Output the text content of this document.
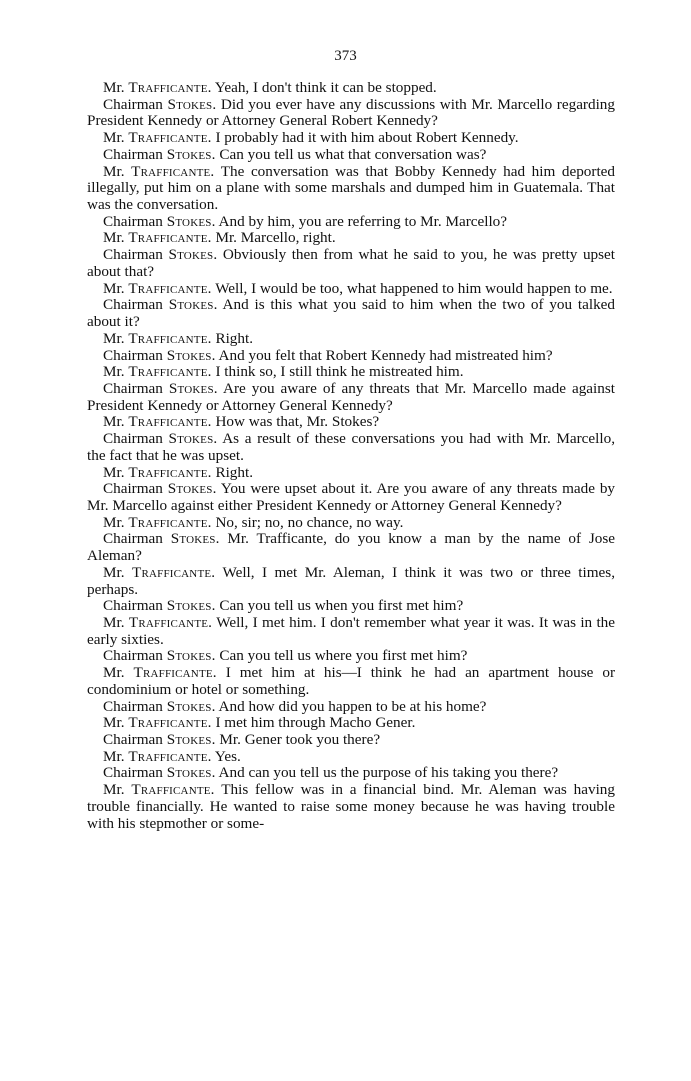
373

Mr. Trafficante. Yeah, I don't think it can be stopped.

Chairman Stokes. Did you ever have any discussions with Mr. Marcello regarding President Kennedy or Attorney General Robert Kennedy?

Mr. Trafficante. I probably had it with him about Robert Kennedy.

Chairman Stokes. Can you tell us what that conversation was?

Mr. Trafficante. The conversation was that Bobby Kennedy had him deported illegally, put him on a plane with some marshals and dumped him in Guatemala. That was the conversation.

Chairman Stokes. And by him, you are referring to Mr. Marcello?

Mr. Trafficante. Mr. Marcello, right.

Chairman Stokes. Obviously then from what he said to you, he was pretty upset about that?

Mr. Trafficante. Well, I would be too, what happened to him would happen to me.

Chairman Stokes. And is this what you said to him when the two of you talked about it?

Mr. Trafficante. Right.

Chairman Stokes. And you felt that Robert Kennedy had mistreated him?

Mr. Trafficante. I think so, I still think he mistreated him.

Chairman Stokes. Are you aware of any threats that Mr. Marcello made against President Kennedy or Attorney General Kennedy?

Mr. Trafficante. How was that, Mr. Stokes?

Chairman Stokes. As a result of these conversations you had with Mr. Marcello, the fact that he was upset.

Mr. Trafficante. Right.

Chairman Stokes. You were upset about it. Are you aware of any threats made by Mr. Marcello against either President Kennedy or Attorney General Kennedy?

Mr. Trafficante. No, sir; no, no chance, no way.

Chairman Stokes. Mr. Trafficante, do you know a man by the name of Jose Aleman?

Mr. Trafficante. Well, I met Mr. Aleman, I think it was two or three times, perhaps.

Chairman Stokes. Can you tell us when you first met him?

Mr. Trafficante. Well, I met him. I don't remember what year it was. It was in the early sixties.

Chairman Stokes. Can you tell us where you first met him?

Mr. Trafficante. I met him at his—I think he had an apartment house or condominium or hotel or something.

Chairman Stokes. And how did you happen to be at his home?

Mr. Trafficante. I met him through Macho Gener.

Chairman Stokes. Mr. Gener took you there?

Mr. Trafficante. Yes.

Chairman Stokes. And can you tell us the purpose of his taking you there?

Mr. Trafficante. This fellow was in a financial bind. Mr. Aleman was having trouble financially. He wanted to raise some money because he was having trouble with his stepmother or some-
